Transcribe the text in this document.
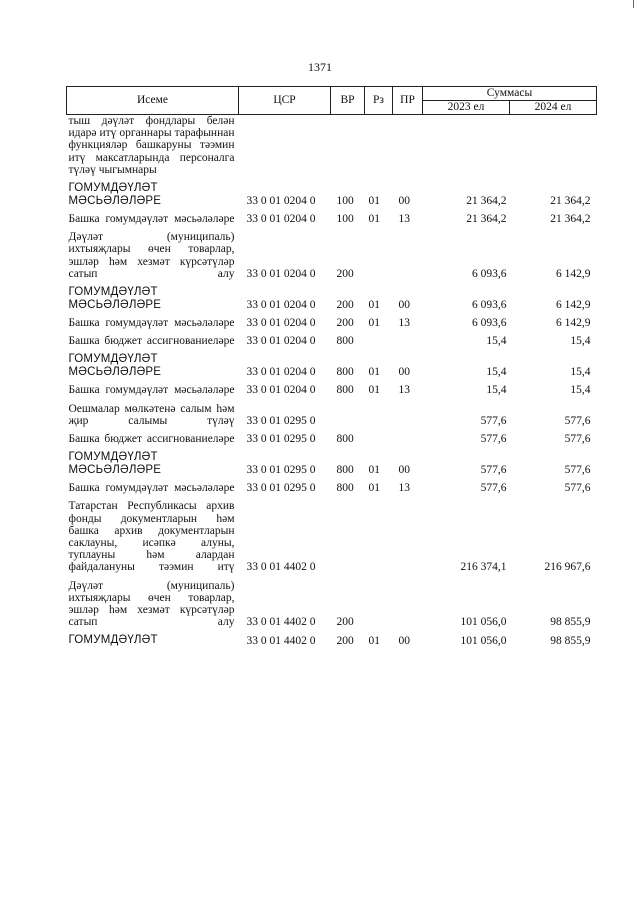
1371
Исеме	ЦСР	ВР	Рз	ПР	Суммасы	
					2023 ел	2024 ел
тыш дәүләт фондлары белән идарә итү органнары тарафыннан функцияләр башкаруны тәэмин итү максатларында персоналга түләү чыгымнары						
ГОМУМДӘҮЛӘТ МӘСЬӘЛӘЛӘРЕ	33 0 01 0204 0	100	01	00	21 364,2	21 364,2
Башка гомумдәүләт мәсьәләләре	33 0 01 0204 0	100	01	13	21 364,2	21 364,2
Дәүләт (муниципаль) ихтыяҗлары өчен товарлар, эшләр һәм хезмәт күрсәтүләр сатып алу	33 0 01 0204 0	200			6 093,6	6 142,9
ГОМУМДӘҮЛӘТ МӘСЬӘЛӘЛӘРЕ	33 0 01 0204 0	200	01	00	6 093,6	6 142,9
Башка гомумдәүләт мәсьәләләре	33 0 01 0204 0	200	01	13	6 093,6	6 142,9
Башка бюджет ассигнованиеләре	33 0 01 0204 0	800			15,4	15,4
ГОМУМДӘҮЛӘТ МӘСЬӘЛӘЛӘРЕ	33 0 01 0204 0	800	01	00	15,4	15,4
Башка гомумдәүләт мәсьәләләре	33 0 01 0204 0	800	01	13	15,4	15,4
Оешмалар мөлкәтенә салым һәм җир салымы түләү	33 0 01 0295 0				577,6	577,6
Башка бюджет ассигнованиеләре	33 0 01 0295 0	800			577,6	577,6
ГОМУМДӘҮЛӘТ МӘСЬӘЛӘЛӘРЕ	33 0 01 0295 0	800	01	00	577,6	577,6
Башка гомумдәүләт мәсьәләләре	33 0 01 0295 0	800	01	13	577,6	577,6
Татарстан Республикасы архив фонды документларын һәм башка архив документларын саклауны, исәпкә алуны, туплауны һәм алардан файдалануны тәэмин итү	33 0 01 4402 0				216 374,1	216 967,6
Дәүләт (муниципаль) ихтыяҗлары өчен товарлар, эшләр һәм хезмәт күрсәтүләр сатып алу	33 0 01 4402 0	200			101 056,0	98 855,9
ГОМУМДӘҮЛӘТ	33 0 01 4402 0	200	01	00	101 056,0	98 855,9
